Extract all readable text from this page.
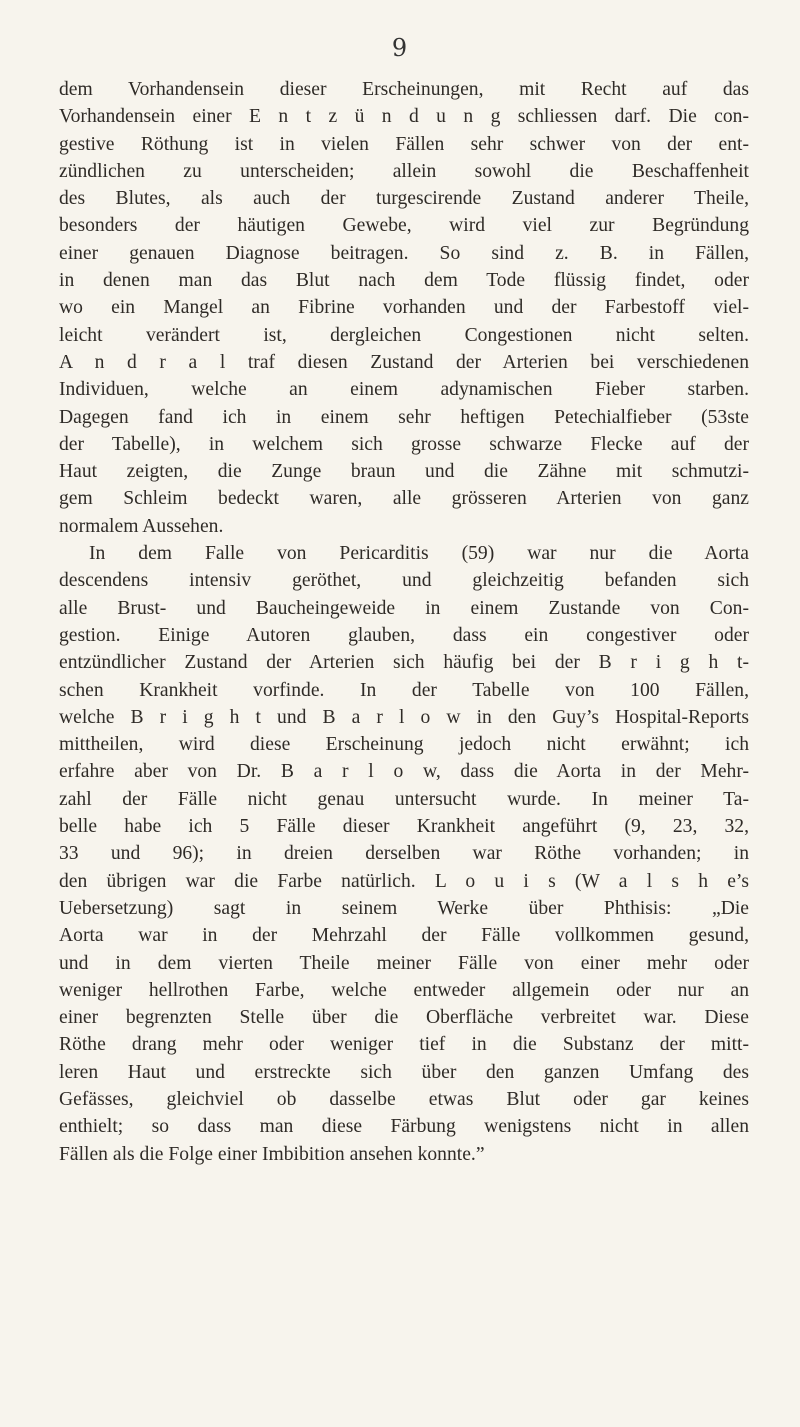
9
dem Vorhandensein dieser Erscheinungen, mit Recht auf das
Vorhandensein einer E n t z ü n d u n g schliessen darf. Die con-
gestive Röthung ist in vielen Fällen sehr schwer von der ent-
zündlichen zu unterscheiden; allein sowohl die Beschaffenheit
des Blutes, als auch der turgescirende Zustand anderer Theile,
besonders der häutigen Gewebe, wird viel zur Begründung
einer genauen Diagnose beitragen. So sind z. B. in Fällen,
in denen man das Blut nach dem Tode flüssig findet, oder
wo ein Mangel an Fibrine vorhanden und der Farbestoff viel-
leicht verändert ist, dergleichen Congestionen nicht selten.
A n d r a l traf diesen Zustand der Arterien bei verschiedenen
Individuen, welche an einem adynamischen Fieber starben.
Dagegen fand ich in einem sehr heftigen Petechialfieber (53ste
der Tabelle), in welchem sich grosse schwarze Flecke auf der
Haut zeigten, die Zunge braun und die Zähne mit schmutzi-
gem Schleim bedeckt waren, alle grösseren Arterien von ganz
normalem Aussehen.
In dem Falle von Pericarditis (59) war nur die Aorta
descendens intensiv geröthet, und gleichzeitig befanden sich
alle Brust- und Baucheingeweide in einem Zustande von Con-
gestion. Einige Autoren glauben, dass ein congestiver oder
entzündlicher Zustand der Arterien sich häufig bei der B r i g h t-
schen Krankheit vorfinde. In der Tabelle von 100 Fällen,
welche B r i g h t und B a r l o w in den Guy’s Hospital-Reports
mittheilen, wird diese Erscheinung jedoch nicht erwähnt; ich
erfahre aber von Dr. B a r l o w, dass die Aorta in der Mehr-
zahl der Fälle nicht genau untersucht wurde. In meiner Ta-
belle habe ich 5 Fälle dieser Krankheit angeführt (9, 23, 32,
33 und 96); in dreien derselben war Röthe vorhanden; in
den übrigen war die Farbe natürlich. L o u i s (W a l s h e’s
Uebersetzung) sagt in seinem Werke über Phthisis: „Die
Aorta war in der Mehrzahl der Fälle vollkommen gesund,
und in dem vierten Theile meiner Fälle von einer mehr oder
weniger hellrothen Farbe, welche entweder allgemein oder nur an
einer begrenzten Stelle über die Oberfläche verbreitet war. Diese
Röthe drang mehr oder weniger tief in die Substanz der mitt-
leren Haut und erstreckte sich über den ganzen Umfang des
Gefässes, gleichviel ob dasselbe etwas Blut oder gar keines
enthielt; so dass man diese Färbung wenigstens nicht in allen
Fällen als die Folge einer Imbibition ansehen konnte.”
